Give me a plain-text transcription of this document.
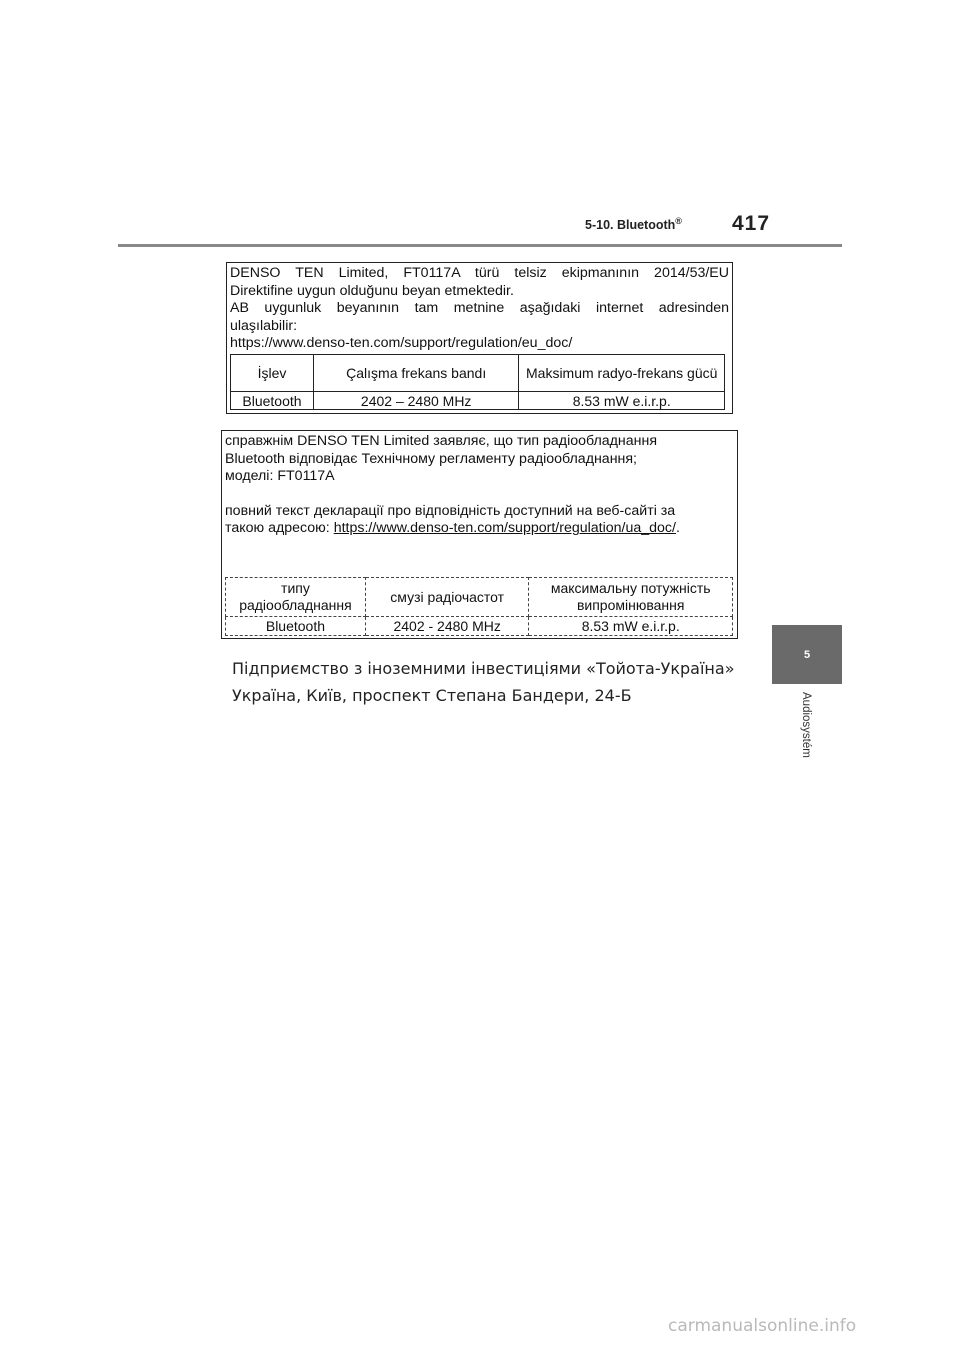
5-10. Bluetooth® 417
5
Audiosystém
DENSO TEN Limited, FT0117A türü telsiz ekipmanının 2014/53/EU
Direktifine uygun olduğunu beyan etmektedir.
AB uygunluk beyanının tam metnine aşağıdaki internet adresinden
ulaşılabilir:
https://www.denso-ten.com/support/regulation/eu_doc/
İşlev	Çalışma frekans bandı	Maksimum radyo-frekans gücü
Bluetooth	2402 – 2480 MHz	8.53 mW e.i.r.p.
справжнім DENSO TEN Limited заявляє, що тип радіообладнання
Bluetooth відповідає Технічному регламенту радіообладнання;
моделі: FT0117A
повний текст декларації про відповідність доступний на веб-сайті за
такою адресою: https://www.denso-ten.com/support/regulation/ua_doc/.
типу радіообладнання	смузі радіочастот	максимальну потужність випромінювання
Bluetooth	2402 - 2480 MHz	8.53 mW e.i.r.p.
Підприємство з іноземними інвестиціями «Тойота-Україна»
Україна, Київ, проспект Степана Бандери, 24-Б
carmanualsonline.info
